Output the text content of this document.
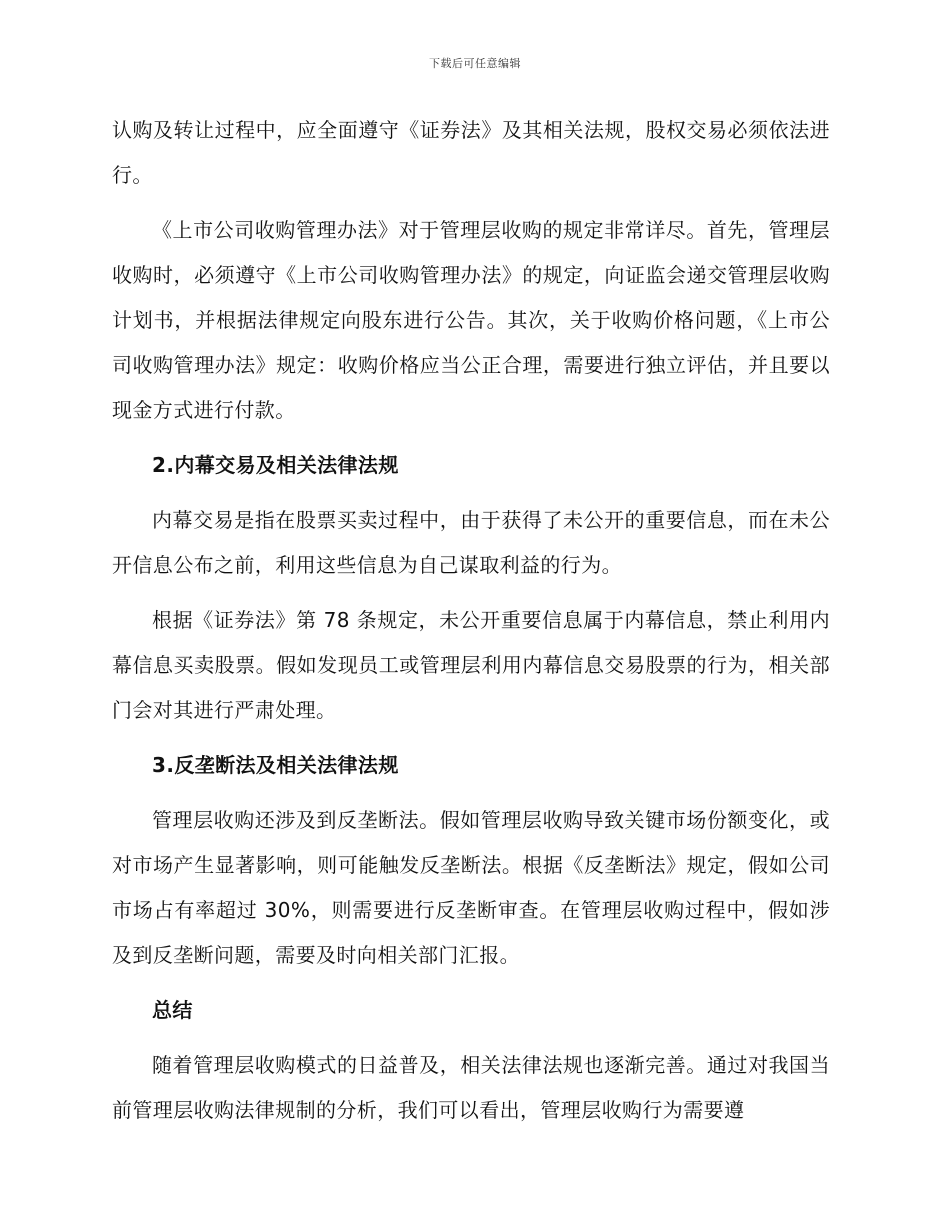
下载后可任意编辑

认购及转让过程中，应全面遵守《证券法》及其相关法规，股权交易必须依法进行。

《上市公司收购管理办法》对于管理层收购的规定非常详尽。首先，管理层收购时，必须遵守《上市公司收购管理办法》的规定，向证监会递交管理层收购计划书，并根据法律规定向股东进行公告。其次，关于收购价格问题，《上市公司收购管理办法》规定：收购价格应当公正合理，需要进行独立评估，并且要以现金方式进行付款。

2.内幕交易及相关法律法规

内幕交易是指在股票买卖过程中，由于获得了未公开的重要信息，而在未公开信息公布之前，利用这些信息为自己谋取利益的行为。

根据《证券法》第 78 条规定，未公开重要信息属于内幕信息，禁止利用内幕信息买卖股票。假如发现员工或管理层利用内幕信息交易股票的行为，相关部门会对其进行严肃处理。

3.反垄断法及相关法律法规

管理层收购还涉及到反垄断法。假如管理层收购导致关键市场份额变化，或对市场产生显著影响，则可能触发反垄断法。根据《反垄断法》规定，假如公司市场占有率超过 30%，则需要进行反垄断审查。在管理层收购过程中，假如涉及到反垄断问题，需要及时向相关部门汇报。

总结

随着管理层收购模式的日益普及，相关法律法规也逐渐完善。通过对我国当前管理层收购法律规制的分析，我们可以看出，管理层收购行为需要遵
